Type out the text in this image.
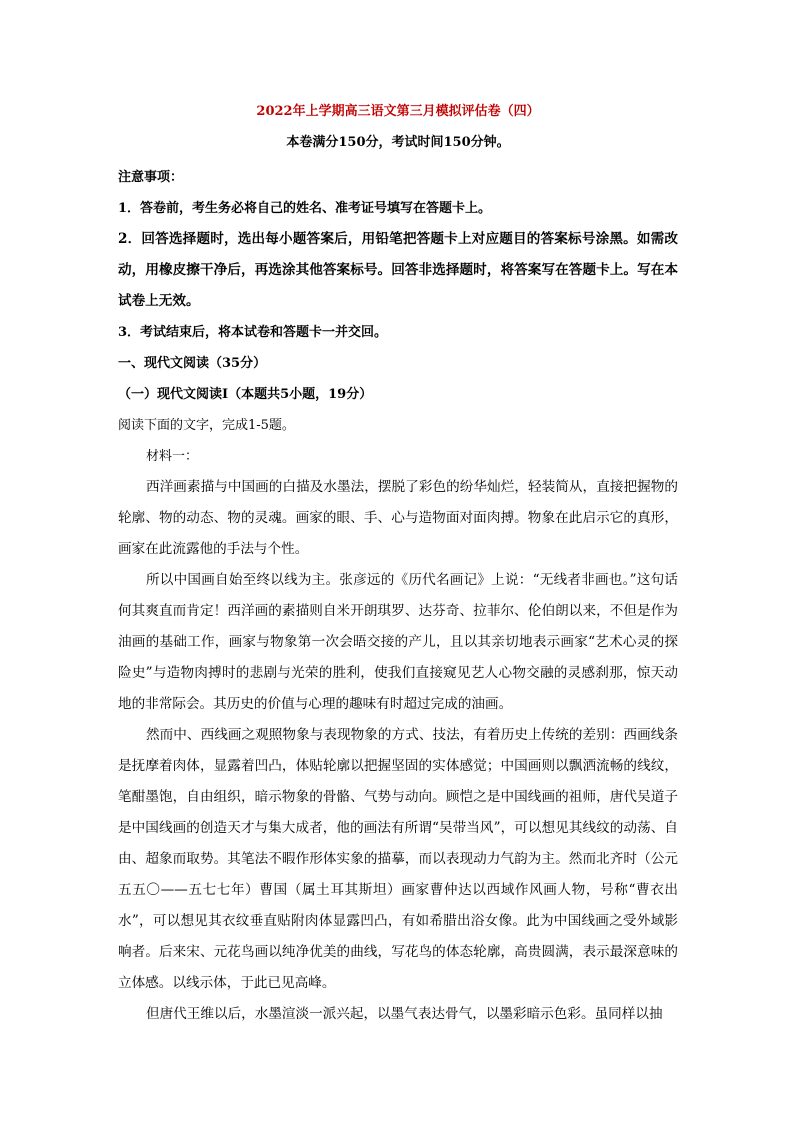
2022年上学期高三语文第三月模拟评估卷（四）
本卷满分150分，考试时间150分钟。

注意事项：

1．答卷前，考生务必将自己的姓名、准考证号填写在答题卡上。

2．回答选择题时，选出每小题答案后，用铅笔把答题卡上对应题目的答案标号涂黑。如需改动，用橡皮擦干净后，再选涂其他答案标号。回答非选择题时，将答案写在答题卡上。写在本试卷上无效。

3．考试结束后，将本试卷和答题卡一并交回。

一、现代文阅读（35分）

（一）现代文阅读Ⅰ（本题共5小题，19分）

阅读下面的文字，完成1-5题。

材料一：

西洋画素描与中国画的白描及水墨法，摆脱了彩色的纷华灿烂，轻装简从，直接把握物的轮廓、物的动态、物的灵魂。画家的眼、手、心与造物面对面肉搏。物象在此启示它的真形，画家在此流露他的手法与个性。

所以中国画自始至终以线为主。张彦远的《历代名画记》上说：“无线者非画也。”这句话何其爽直而肯定！西洋画的素描则自米开朗琪罗、达芬奇、拉菲尔、伦伯朗以来，不但是作为油画的基础工作，画家与物象第一次会晤交接的产儿，且以其亲切地表示画家“艺术心灵的探险史”与造物肉搏时的悲剧与光荣的胜利，使我们直接窥见艺人心物交融的灵感刹那，惊天动地的非常际会。其历史的价值与心理的趣味有时超过完成的油画。

然而中、西线画之观照物象与表现物象的方式、技法，有着历史上传统的差别：西画线条是抚摩着肉体，显露着凹凸，体贴轮廓以把握坚固的实体感觉；中国画则以飘洒流畅的线纹，笔酣墨饱，自由组织，暗示物象的骨骼、气势与动向。顾恺之是中国线画的祖师，唐代吴道子是中国线画的创造天才与集大成者，他的画法有所谓“吴带当风”，可以想见其线纹的动荡、自由、超象而取势。其笔法不暇作形体实象的描摹，而以表现动力气韵为主。然而北齐时（公元五五〇——五七七年）曹国（属土耳其斯坦）画家曹仲达以西域作风画人物，号称“曹衣出水”，可以想见其衣纹垂直贴附肉体显露凹凸，有如希腊出浴女像。此为中国线画之受外域影响者。后来宋、元花鸟画以纯净优美的曲线，写花鸟的体态轮廓，高贵圆满，表示最深意味的立体感。以线示体，于此已见高峰。

但唐代王维以后，水墨渲淡一派兴起，以墨气表达骨气，以墨彩暗示色彩。虽同样以抽
